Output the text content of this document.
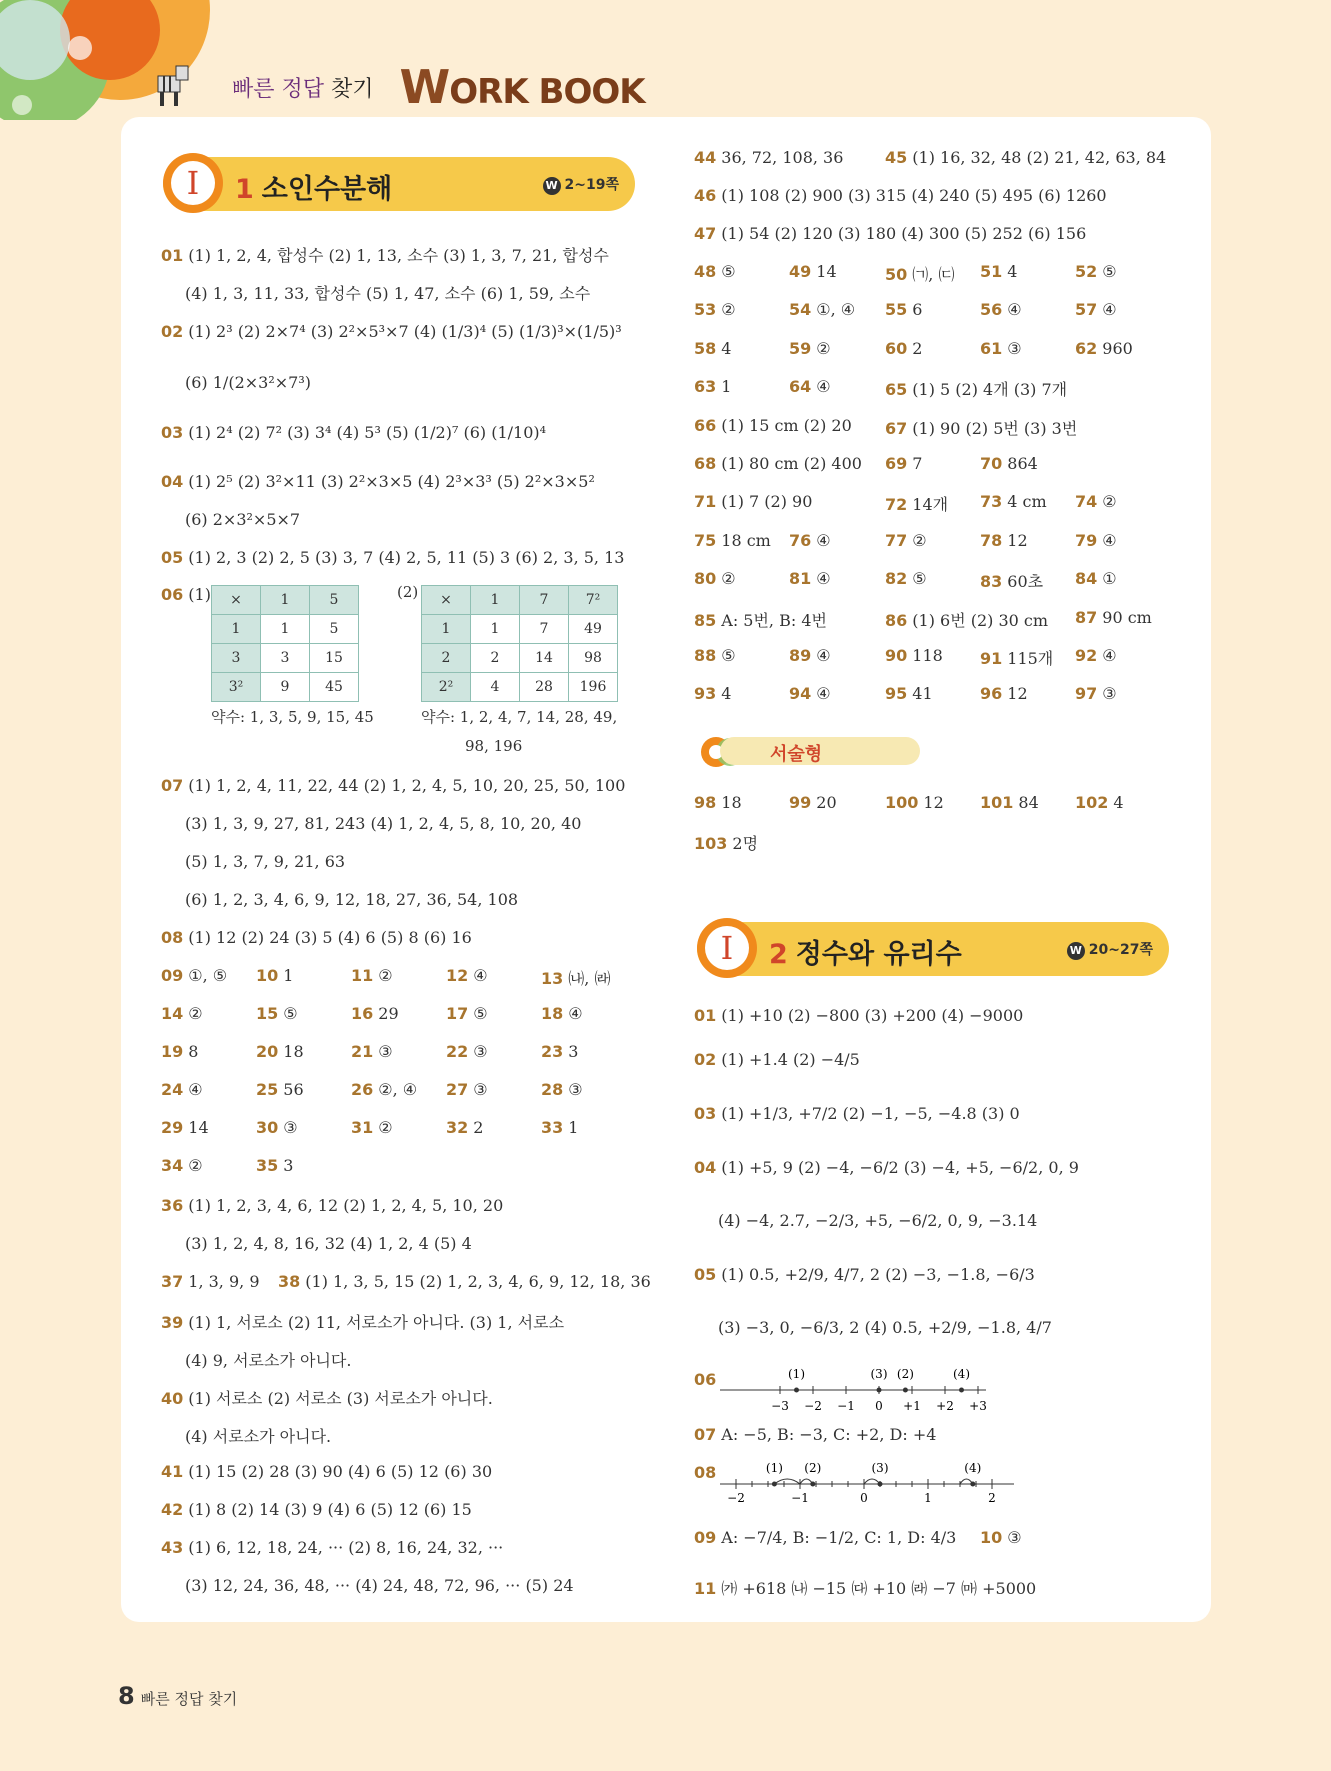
빠른 정답 찾기 WORK BOOK
I	1 소인수분해	W 2~19쪽
I	2 정수와 유리수	W 20~27쪽
서술형
×	1	5
1	1	5
3	3	15
3²	9	45
약수: 1, 3, 5, 9, 15, 45
(2) ×	1	7	7²
1	1	7	49
2	2	14	98
2²	4	28	196
약수: 1, 2, 4, 7, 14, 28, 49,
98, 196
−3 −2 −1 0 +1 +2 +3
(1)	(3) (2)	(4)
−2	−1	0	1	2
(1) (2)	(3)	(4)
8 빠른 정답 찾기
01 (1) 1, 2, 4, 합성수 (2) 1, 13, 소수 (3) 1, 3, 7, 21, 합성수
(4) 1, 3, 11, 33, 합성수 (5) 1, 47, 소수 (6) 1, 59, 소수
02 (1) 2³ (2) 2×7⁴ (3) 2²×5³×7 (4) (1/3)⁴ (5) (1/3)³×(1/5)³
(6) 1/(2×3²×7³)
03 (1) 2⁴ (2) 7² (3) 3⁴ (4) 5³ (5) (1/2)⁷ (6) (1/10)⁴
04 (1) 2⁵ (2) 3²×11 (3) 2²×3×5 (4) 2³×3³ (5) 2²×3×5²
(6) 2×3²×5×7
05 (1) 2, 3 (2) 2, 5 (3) 3, 7 (4) 2, 5, 11 (5) 3 (6) 2, 3, 5, 13
06 (1)
07 (1) 1, 2, 4, 11, 22, 44 (2) 1, 2, 4, 5, 10, 20, 25, 50, 100
(3) 1, 3, 9, 27, 81, 243 (4) 1, 2, 4, 5, 8, 10, 20, 40
(5) 1, 3, 7, 9, 21, 63
(6) 1, 2, 3, 4, 6, 9, 12, 18, 27, 36, 54, 108
08 (1) 12 (2) 24 (3) 5 (4) 6 (5) 8 (6) 16
36 (1) 1, 2, 3, 4, 6, 12 (2) 1, 2, 4, 5, 10, 20
(3) 1, 2, 4, 8, 16, 32 (4) 1, 2, 4 (5) 4
37 1, 3, 9, 9
39 (1) 1, 서로소 (2) 11, 서로소가 아니다. (3) 1, 서로소
(4) 9, 서로소가 아니다.
40 (1) 서로소 (2) 서로소 (3) 서로소가 아니다.
(4) 서로소가 아니다.
41 (1) 15 (2) 28 (3) 90 (4) 6 (5) 12 (6) 30
42 (1) 8 (2) 14 (3) 9 (4) 6 (5) 12 (6) 15
43 (1) 6, 12, 18, 24, ··· (2) 8, 16, 24, 32, ···
(3) 12, 24, 36, 48, ··· (4) 24, 48, 72, 96, ··· (5) 24
38 (1) 1, 3, 5, 15 (2) 1, 2, 3, 4, 6, 9, 12, 18, 36
09 ①, ⑤ 10 1	11 ②	12 ④	13 ㈏, ㈑
14 ②	15 ⑤	16 29	17 ⑤	18 ④
19 8	20 18	21 ③	22 ③	23 3
24 ④	25 56	26 ②, ④ 27 ③	28 ③
29 14	30 ③	31 ②	32 2	33 1
34 ②	35 3
44 36, 72, 108, 36	45 (1) 16, 32, 48 (2) 21, 42, 63, 84
46 (1) 108 (2) 900 (3) 315 (4) 240 (5) 495 (6) 1260
47 (1) 54 (2) 120 (3) 180 (4) 300 (5) 252 (6) 156
48 ⑤	49 14	50 ㈀, ㈂ 51 4	52 ⑤
53 ②	54 ①, ④ 55 6	56 ④	57 ④
58 4	59 ②	60 2	61 ③	62 960
63 1	64 ④	65 (1) 5 (2) 4개 (3) 7개
66 (1) 15 cm (2) 20 67 (1) 90 (2) 5번 (3) 3번
68 (1) 80 cm (2) 400 69 7	70 864
71 (1) 7 (2) 90	72 14개 73 4 cm 74 ②
75 18 cm 76 ④	77 ②	78 12	79 ④
80 ②	81 ④	82 ⑤	83 60초 84 ①
85 A: 5번, B: 4번	86 (1) 6번 (2) 30 cm 87 90 cm
88 ⑤	89 ④	90 118 91 115개 92 ④
93 4	94 ④	95 41	96 12	97 ③
98 18	99 20	100 12 101 84 102 4
103 2명
01 (1) +10 (2) −800 (3) +200 (4) −9000
02 (1) +1.4 (2) −4/5
03 (1) +1/3, +7/2 (2) −1, −5, −4.8 (3) 0
04 (1) +5, 9 (2) −4, −6/2 (3) −4, +5, −6/2, 0, 9
(4) −4, 2.7, −2/3, +5, −6/2, 0, 9, −3.14
05 (1) 0.5, +2/9, 4/7, 2 (2) −3, −1.8, −6/3
(3) −3, 0, −6/3, 2 (4) 0.5, +2/9, −1.8, 4/7
06
07 A: −5, B: −3, C: +2, D: +4
08
09 A: −7/4, B: −1/2, C: 1, D: 4/3
11 ㈎ +618 ㈏ −15 ㈐ +10 ㈑ −7 ㈒ +5000
10 ③
